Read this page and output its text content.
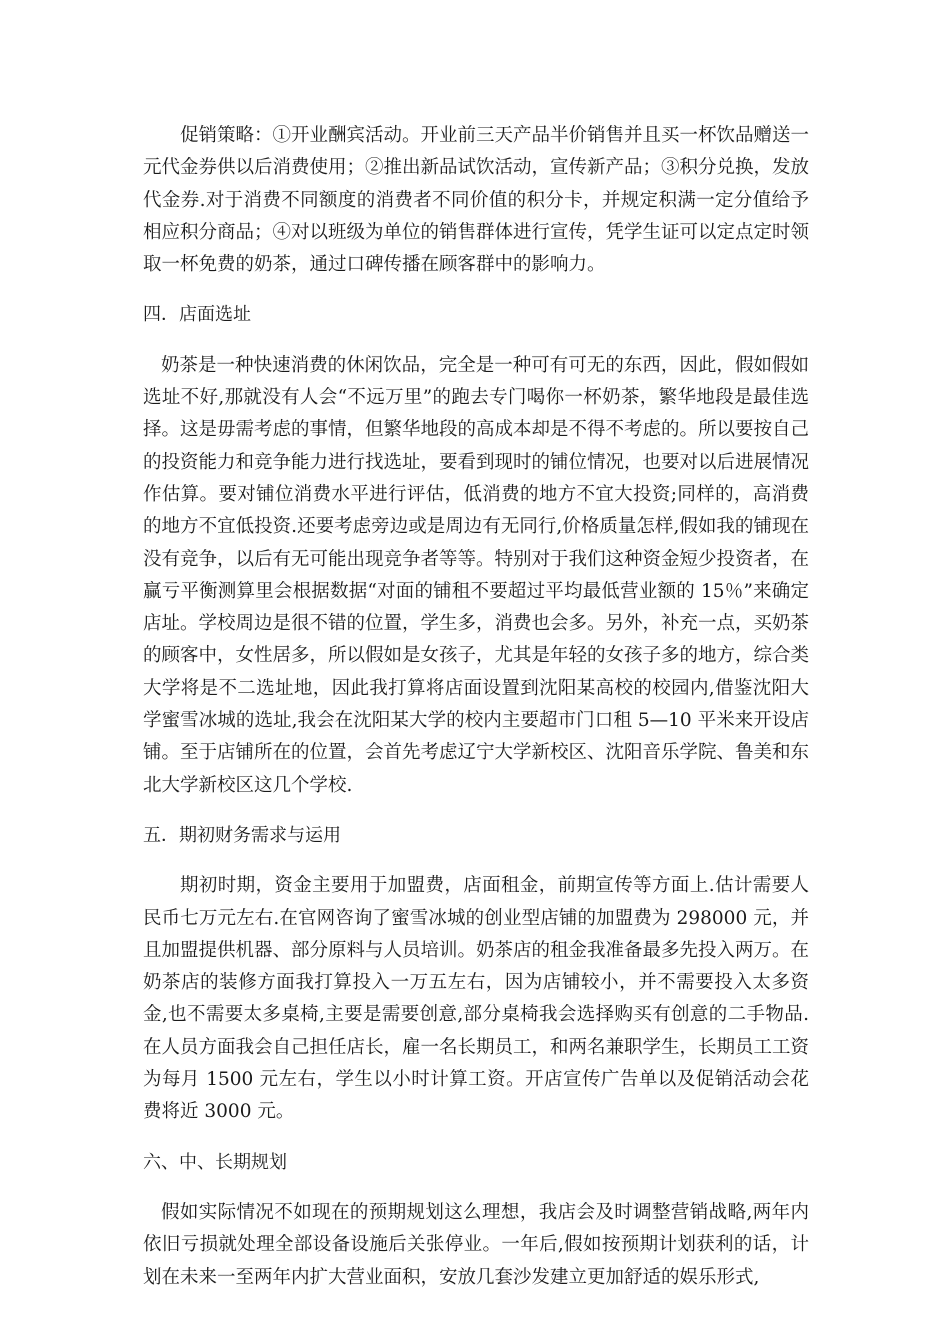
促销策略：①开业酬宾活动。开业前三天产品半价销售并且买一杯饮品赠送一元代金券供以后消费使用；②推出新品试饮活动，宣传新产品；③积分兑换，发放代金券.对于消费不同额度的消费者不同价值的积分卡，并规定积满一定分值给予相应积分商品；④对以班级为单位的销售群体进行宣传，凭学生证可以定点定时领取一杯免费的奶茶，通过口碑传播在顾客群中的影响力。

四．店面选址

奶茶是一种快速消费的休闲饮品，完全是一种可有可无的东西，因此，假如假如选址不好,那就没有人会“不远万里”的跑去专门喝你一杯奶茶，繁华地段是最佳选择。这是毋需考虑的事情，但繁华地段的高成本却是不得不考虑的。所以要按自己的投资能力和竞争能力进行找选址，要看到现时的铺位情况，也要对以后进展情况作估算。要对铺位消费水平进行评估，低消费的地方不宜大投资;同样的，高消费的地方不宜低投资.还要考虑旁边或是周边有无同行,价格质量怎样,假如我的铺现在没有竞争，以后有无可能出现竞争者等等。特别对于我们这种资金短少投资者，在赢亏平衡测算里会根据数据“对面的铺租不要超过平均最低营业额的 15％”来确定店址。学校周边是很不错的位置，学生多，消费也会多。另外，补充一点，买奶茶的顾客中，女性居多，所以假如是女孩子，尤其是年轻的女孩子多的地方，综合类大学将是不二选址地，因此我打算将店面设置到沈阳某高校的校园内,借鉴沈阳大学蜜雪冰城的选址,我会在沈阳某大学的校内主要超市门口租 5—10 平米来开设店铺。至于店铺所在的位置，会首先考虑辽宁大学新校区、沈阳音乐学院、鲁美和东北大学新校区这几个学校.

五．期初财务需求与运用

期初时期，资金主要用于加盟费，店面租金，前期宣传等方面上.估计需要人民币七万元左右.在官网咨询了蜜雪冰城的创业型店铺的加盟费为 298000 元，并且加盟提供机器、部分原料与人员培训。奶茶店的租金我准备最多先投入两万。在奶茶店的装修方面我打算投入一万五左右，因为店铺较小，并不需要投入太多资金,也不需要太多桌椅,主要是需要创意,部分桌椅我会选择购买有创意的二手物品.在人员方面我会自己担任店长，雇一名长期员工，和两名兼职学生，长期员工工资为每月 1500 元左右，学生以小时计算工资。开店宣传广告单以及促销活动会花费将近 3000 元。

六、中、长期规划

假如实际情况不如现在的预期规划这么理想，我店会及时调整营销战略,两年内依旧亏损就处理全部设备设施后关张停业。一年后,假如按预期计划获利的话，计划在未来一至两年内扩大营业面积，安放几套沙发建立更加舒适的娱乐形式,
